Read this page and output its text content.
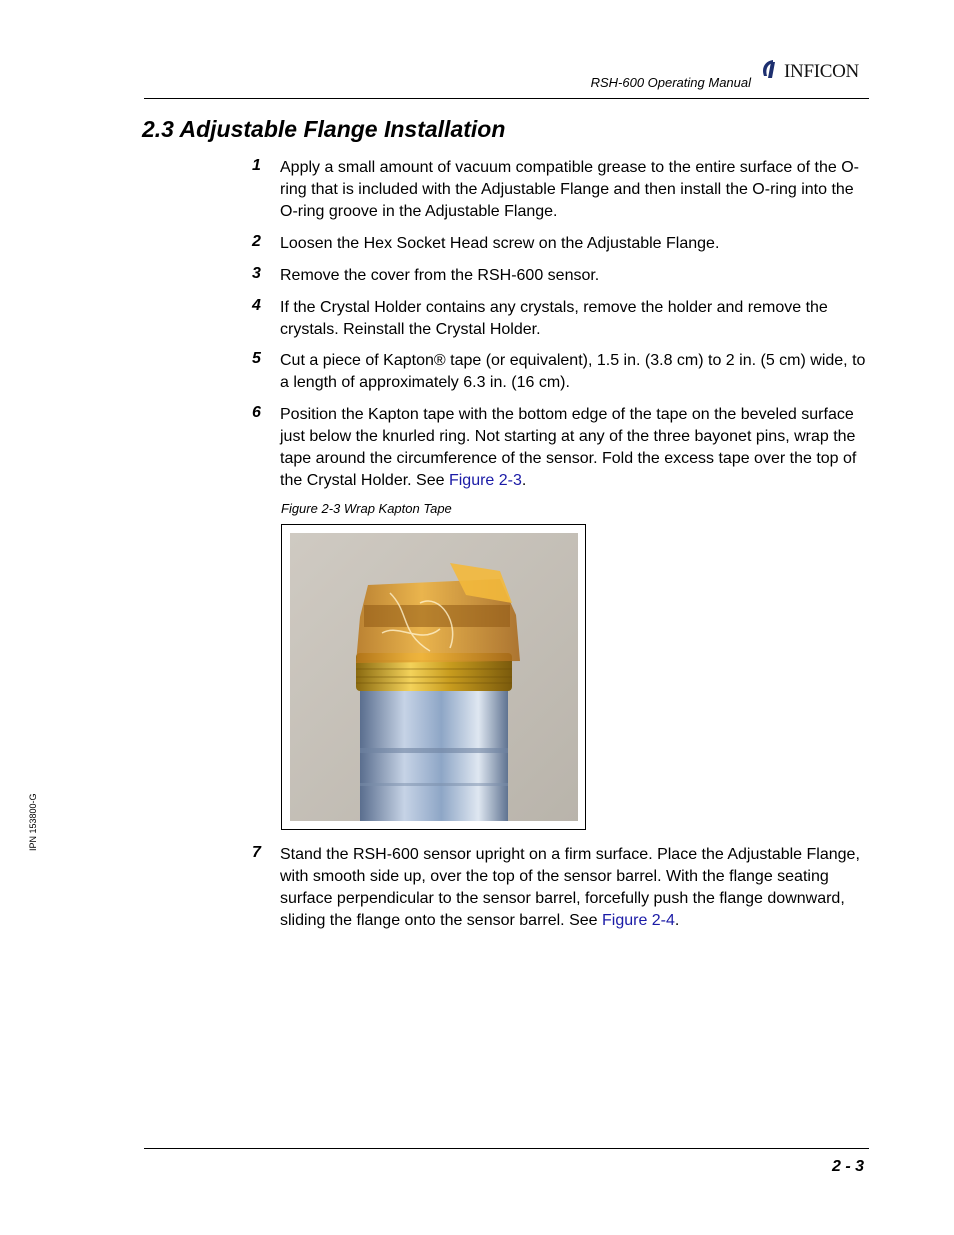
RSH-600 Operating Manual
INFICON
2.3 Adjustable Flange Installation
1 Apply a small amount of vacuum compatible grease to the entire surface of the O-ring that is included with the Adjustable Flange and then install the O-ring into the O-ring groove in the Adjustable Flange.
2 Loosen the Hex Socket Head screw on the Adjustable Flange.
3 Remove the cover from the RSH-600 sensor.
4 If the Crystal Holder contains any crystals, remove the holder and remove the crystals. Reinstall the Crystal Holder.
5 Cut a piece of Kapton® tape (or equivalent), 1.5 in. (3.8 cm) to 2 in. (5 cm) wide, to a length of approximately 6.3 in. (16 cm).
6 Position the Kapton tape with the bottom edge of the tape on the beveled surface just below the knurled ring. Not starting at any of the three bayonet pins, wrap the tape around the circumference of the sensor. Fold the excess tape over the top of the Crystal Holder. See Figure 2-3.
Figure 2-3 Wrap Kapton Tape
7 Stand the RSH-600 sensor upright on a firm surface. Place the Adjustable Flange, with smooth side up, over the top of the sensor barrel. With the flange seating surface perpendicular to the sensor barrel, forcefully push the flange downward, sliding the flange onto the sensor barrel. See Figure 2-4.
IPN 153800-G
2 - 3
